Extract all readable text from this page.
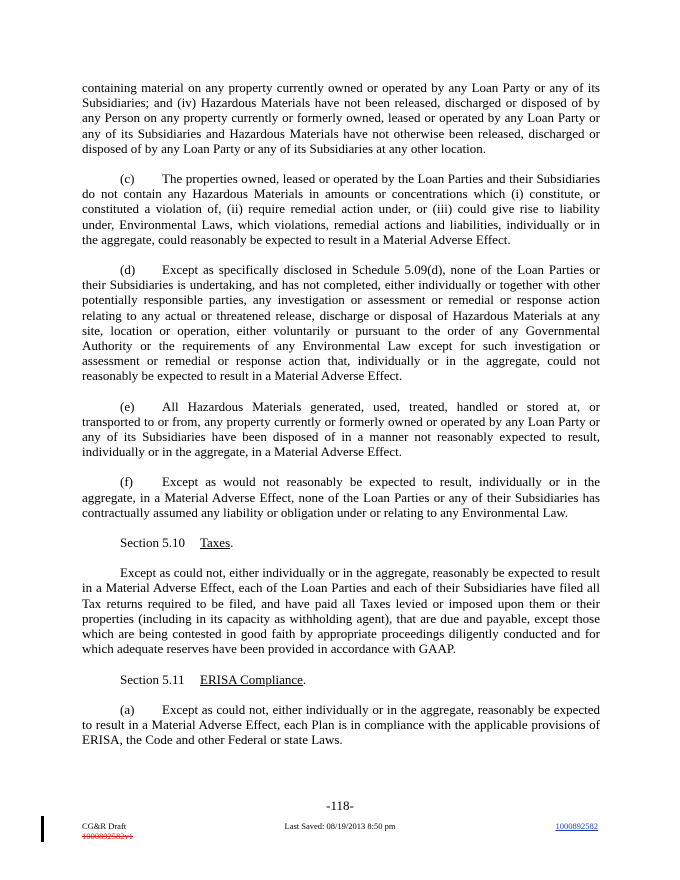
containing material on any property currently owned or operated by any Loan Party or any of its Subsidiaries; and (iv) Hazardous Materials have not been released, discharged or disposed of by any Person on any property currently or formerly owned, leased or operated by any Loan Party or any of its Subsidiaries and Hazardous Materials have not otherwise been released, discharged or disposed of by any Loan Party or any of its Subsidiaries at any other location.

(c) The properties owned, leased or operated by the Loan Parties and their Subsidiaries do not contain any Hazardous Materials in amounts or concentrations which (i) constitute, or constituted a violation of, (ii) require remedial action under, or (iii) could give rise to liability under, Environmental Laws, which violations, remedial actions and liabilities, individually or in the aggregate, could reasonably be expected to result in a Material Adverse Effect.

(d) Except as specifically disclosed in Schedule 5.09(d), none of the Loan Parties or their Subsidiaries is undertaking, and has not completed, either individually or together with other potentially responsible parties, any investigation or assessment or remedial or response action relating to any actual or threatened release, discharge or disposal of Hazardous Materials at any site, location or operation, either voluntarily or pursuant to the order of any Governmental Authority or the requirements of any Environmental Law except for such investigation or assessment or remedial or response action that, individually or in the aggregate, could not reasonably be expected to result in a Material Adverse Effect.

(e) All Hazardous Materials generated, used, treated, handled or stored at, or transported to or from, any property currently or formerly owned or operated by any Loan Party or any of its Subsidiaries have been disposed of in a manner not reasonably expected to result, individually or in the aggregate, in a Material Adverse Effect.

(f) Except as would not reasonably be expected to result, individually or in the aggregate, in a Material Adverse Effect, none of the Loan Parties or any of their Subsidiaries has contractually assumed any liability or obligation under or relating to any Environmental Law.

Section 5.10 Taxes.

Except as could not, either individually or in the aggregate, reasonably be expected to result in a Material Adverse Effect, each of the Loan Parties and each of their Subsidiaries have filed all Tax returns required to be filed, and have paid all Taxes levied or imposed upon them or their properties (including in its capacity as withholding agent), that are due and payable, except those which are being contested in good faith by appropriate proceedings diligently conducted and for which adequate reserves have been provided in accordance with GAAP.

Section 5.11 ERISA Compliance.

(a) Except as could not, either individually or in the aggregate, reasonably be expected to result in a Material Adverse Effect, each Plan is in compliance with the applicable provisions of ERISA, the Code and other Federal or state Laws.

-118-
CG&R Draft
1000892582v1
Last Saved: 08/19/2013 8:50 pm	1000892582
